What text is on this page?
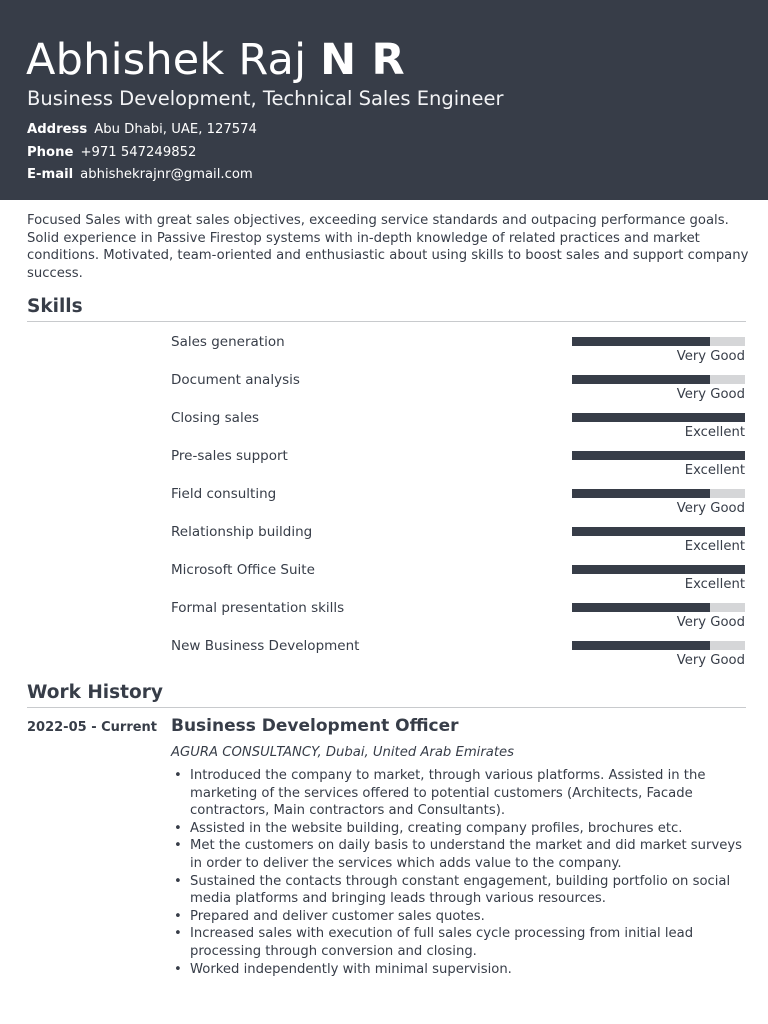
Abhishek Raj N R
Business Development, Technical Sales Engineer
Address Abu Dhabi, UAE, 127574
Phone +971 547249852
E-mail abhishekrajnr@gmail.com

Focused Sales with great sales objectives, exceeding service standards and outpacing performance goals. Solid experience in Passive Firestop systems with in-depth knowledge of related practices and market conditions. Motivated, team-oriented and enthusiastic about using skills to boost sales and support company success.

Skills
Sales generation
Very Good
Document analysis
Very Good
Closing sales
Excellent
Pre-sales support
Excellent
Field consulting
Very Good
Relationship building
Excellent
Microsoft Office Suite
Excellent
Formal presentation skills
Very Good
New Business Development
Very Good
Work History
2022-05 - Current Business Development Officer
AGURA CONSULTANCY, Dubai, United Arab Emirates
• Introduced the company to market, through various platforms. Assisted in the marketing of the services offered to potential customers (Architects, Facade contractors, Main contractors and Consultants).
• Assisted in the website building, creating company profiles, brochures etc.
• Met the customers on daily basis to understand the market and did market surveys in order to deliver the services which adds value to the company.
• Sustained the contacts through constant engagement, building portfolio on social media platforms and bringing leads through various resources.
• Prepared and deliver customer sales quotes.
• Increased sales with execution of full sales cycle processing from initial lead processing through conversion and closing.
• Worked independently with minimal supervision.
